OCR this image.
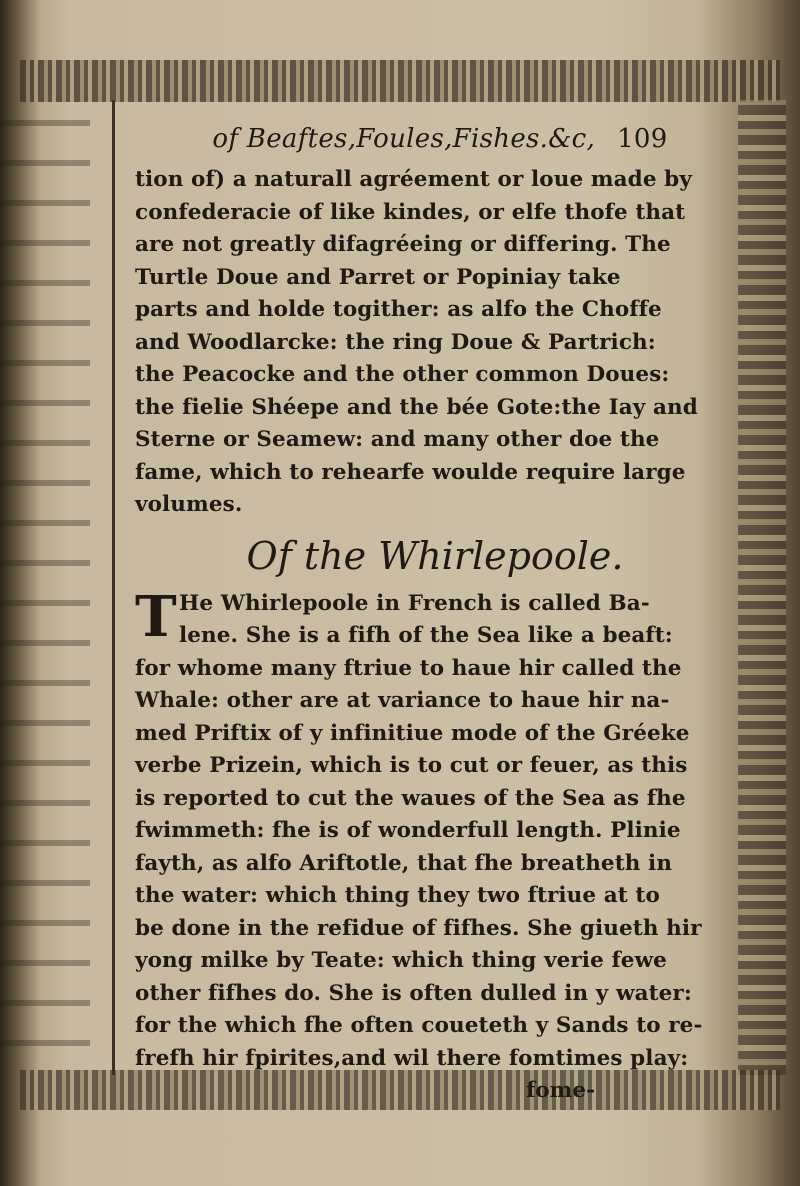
of Beaftes,Foules,Fishes.&c, 109
tion of) a naturall agréement or loue made by
confederacie of like kindes, or elfe thofe that
are not greatly difagréeing or differing. The
Turtle Doue and Parret or Popiniay take
parts and holde togither: as alfo the Choffe
and Woodlarcke: the ring Doue & Partrich:
the Peacocke and the other common Doues:
the fielie Shéepe and the bée Gote:the Iay and
Sterne or Seamew: and many other doe the
fame, which to rehearfe woulde require large
volumes.
Of the Whirlepoole.
T He Whirlepoole in French is called Ba-
lene. She is a fifh of the Sea like a beaft:
for whome many ftriue to haue hir called the
Whale: other are at variance to haue hir na-
med Priftix of y infinitiue mode of the Gréeke
verbe Prizein, which is to cut or feuer, as this
is reported to cut the waues of the Sea as fhe
fwimmeth: fhe is of wonderfull length. Plinie
fayth, as alfo Ariftotle, that fhe breatheth in
the water: which thing they two ftriue at to
be done in the refidue of fifhes. She giueth hir
yong milke by Teate: which thing verie fewe
other fifhes do. She is often dulled in y water:
for the which fhe often coueteth y Sands to re-
frefh hir fpirites,and wil there fomtimes play:
fome-
